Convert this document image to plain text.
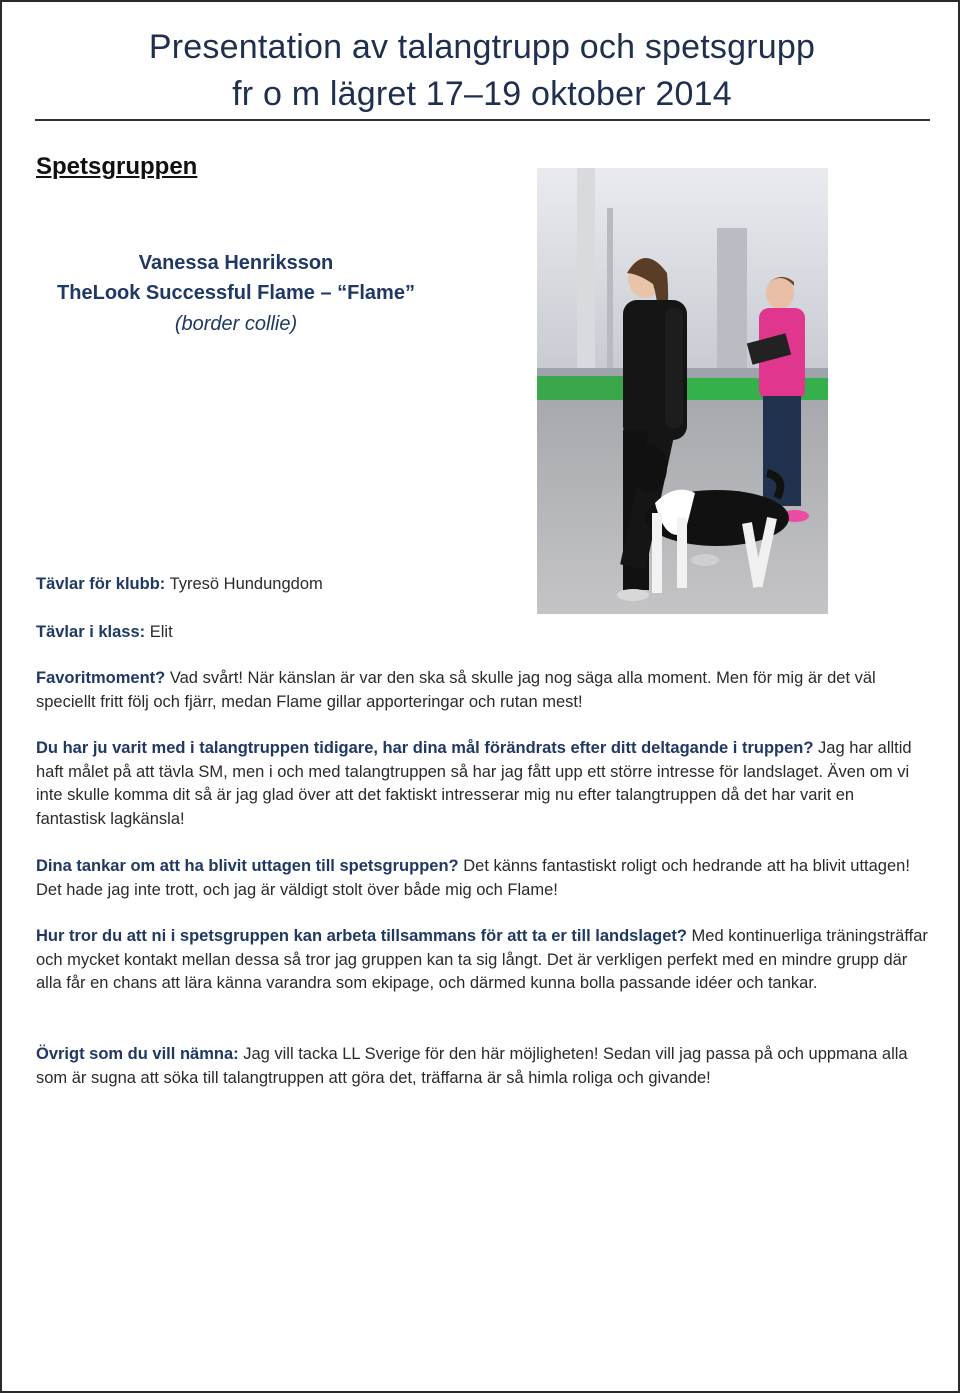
Presentation av talangtrupp och spetsgrupp
fr o m lägret 17–19 oktober 2014
Spetsgruppen
Vanessa Henriksson
TheLook Successful Flame – “Flame”
(border collie)
Tävlar för klubb: Tyresö Hundungdom
Tävlar i klass: Elit
Favoritmoment? Vad svårt! När känslan är var den ska så skulle jag nog säga alla moment. Men för mig är det väl speciellt fritt följ och fjärr, medan Flame gillar apporteringar och rutan mest!
Du har ju varit med i talangtruppen tidigare, har dina mål förändrats efter ditt deltagande i truppen? Jag har alltid haft målet på att tävla SM, men i och med talangtruppen så har jag fått upp ett större intresse för landslaget. Även om vi inte skulle komma dit så är jag glad över att det faktiskt intresserar mig nu efter talangtruppen då det har varit en fantastisk lagkänsla!
Dina tankar om att ha blivit uttagen till spetsgruppen? Det känns fantastiskt roligt och hedrande att ha blivit uttagen! Det hade jag inte trott, och jag är väldigt stolt över både mig och Flame!
Hur tror du att ni i spetsgruppen kan arbeta tillsammans för att ta er till landslaget? Med kontinuerliga träningsträffar och mycket kontakt mellan dessa så tror jag gruppen kan ta sig långt. Det är verkligen perfekt med en mindre grupp där alla får en chans att lära känna varandra som ekipage, och därmed kunna bolla passande idéer och tankar.
Övrigt som du vill nämna: Jag vill tacka LL Sverige för den här möjligheten! Sedan vill jag passa på och uppmana alla som är sugna att söka till talangtruppen att göra det, träffarna är så himla roliga och givande!
